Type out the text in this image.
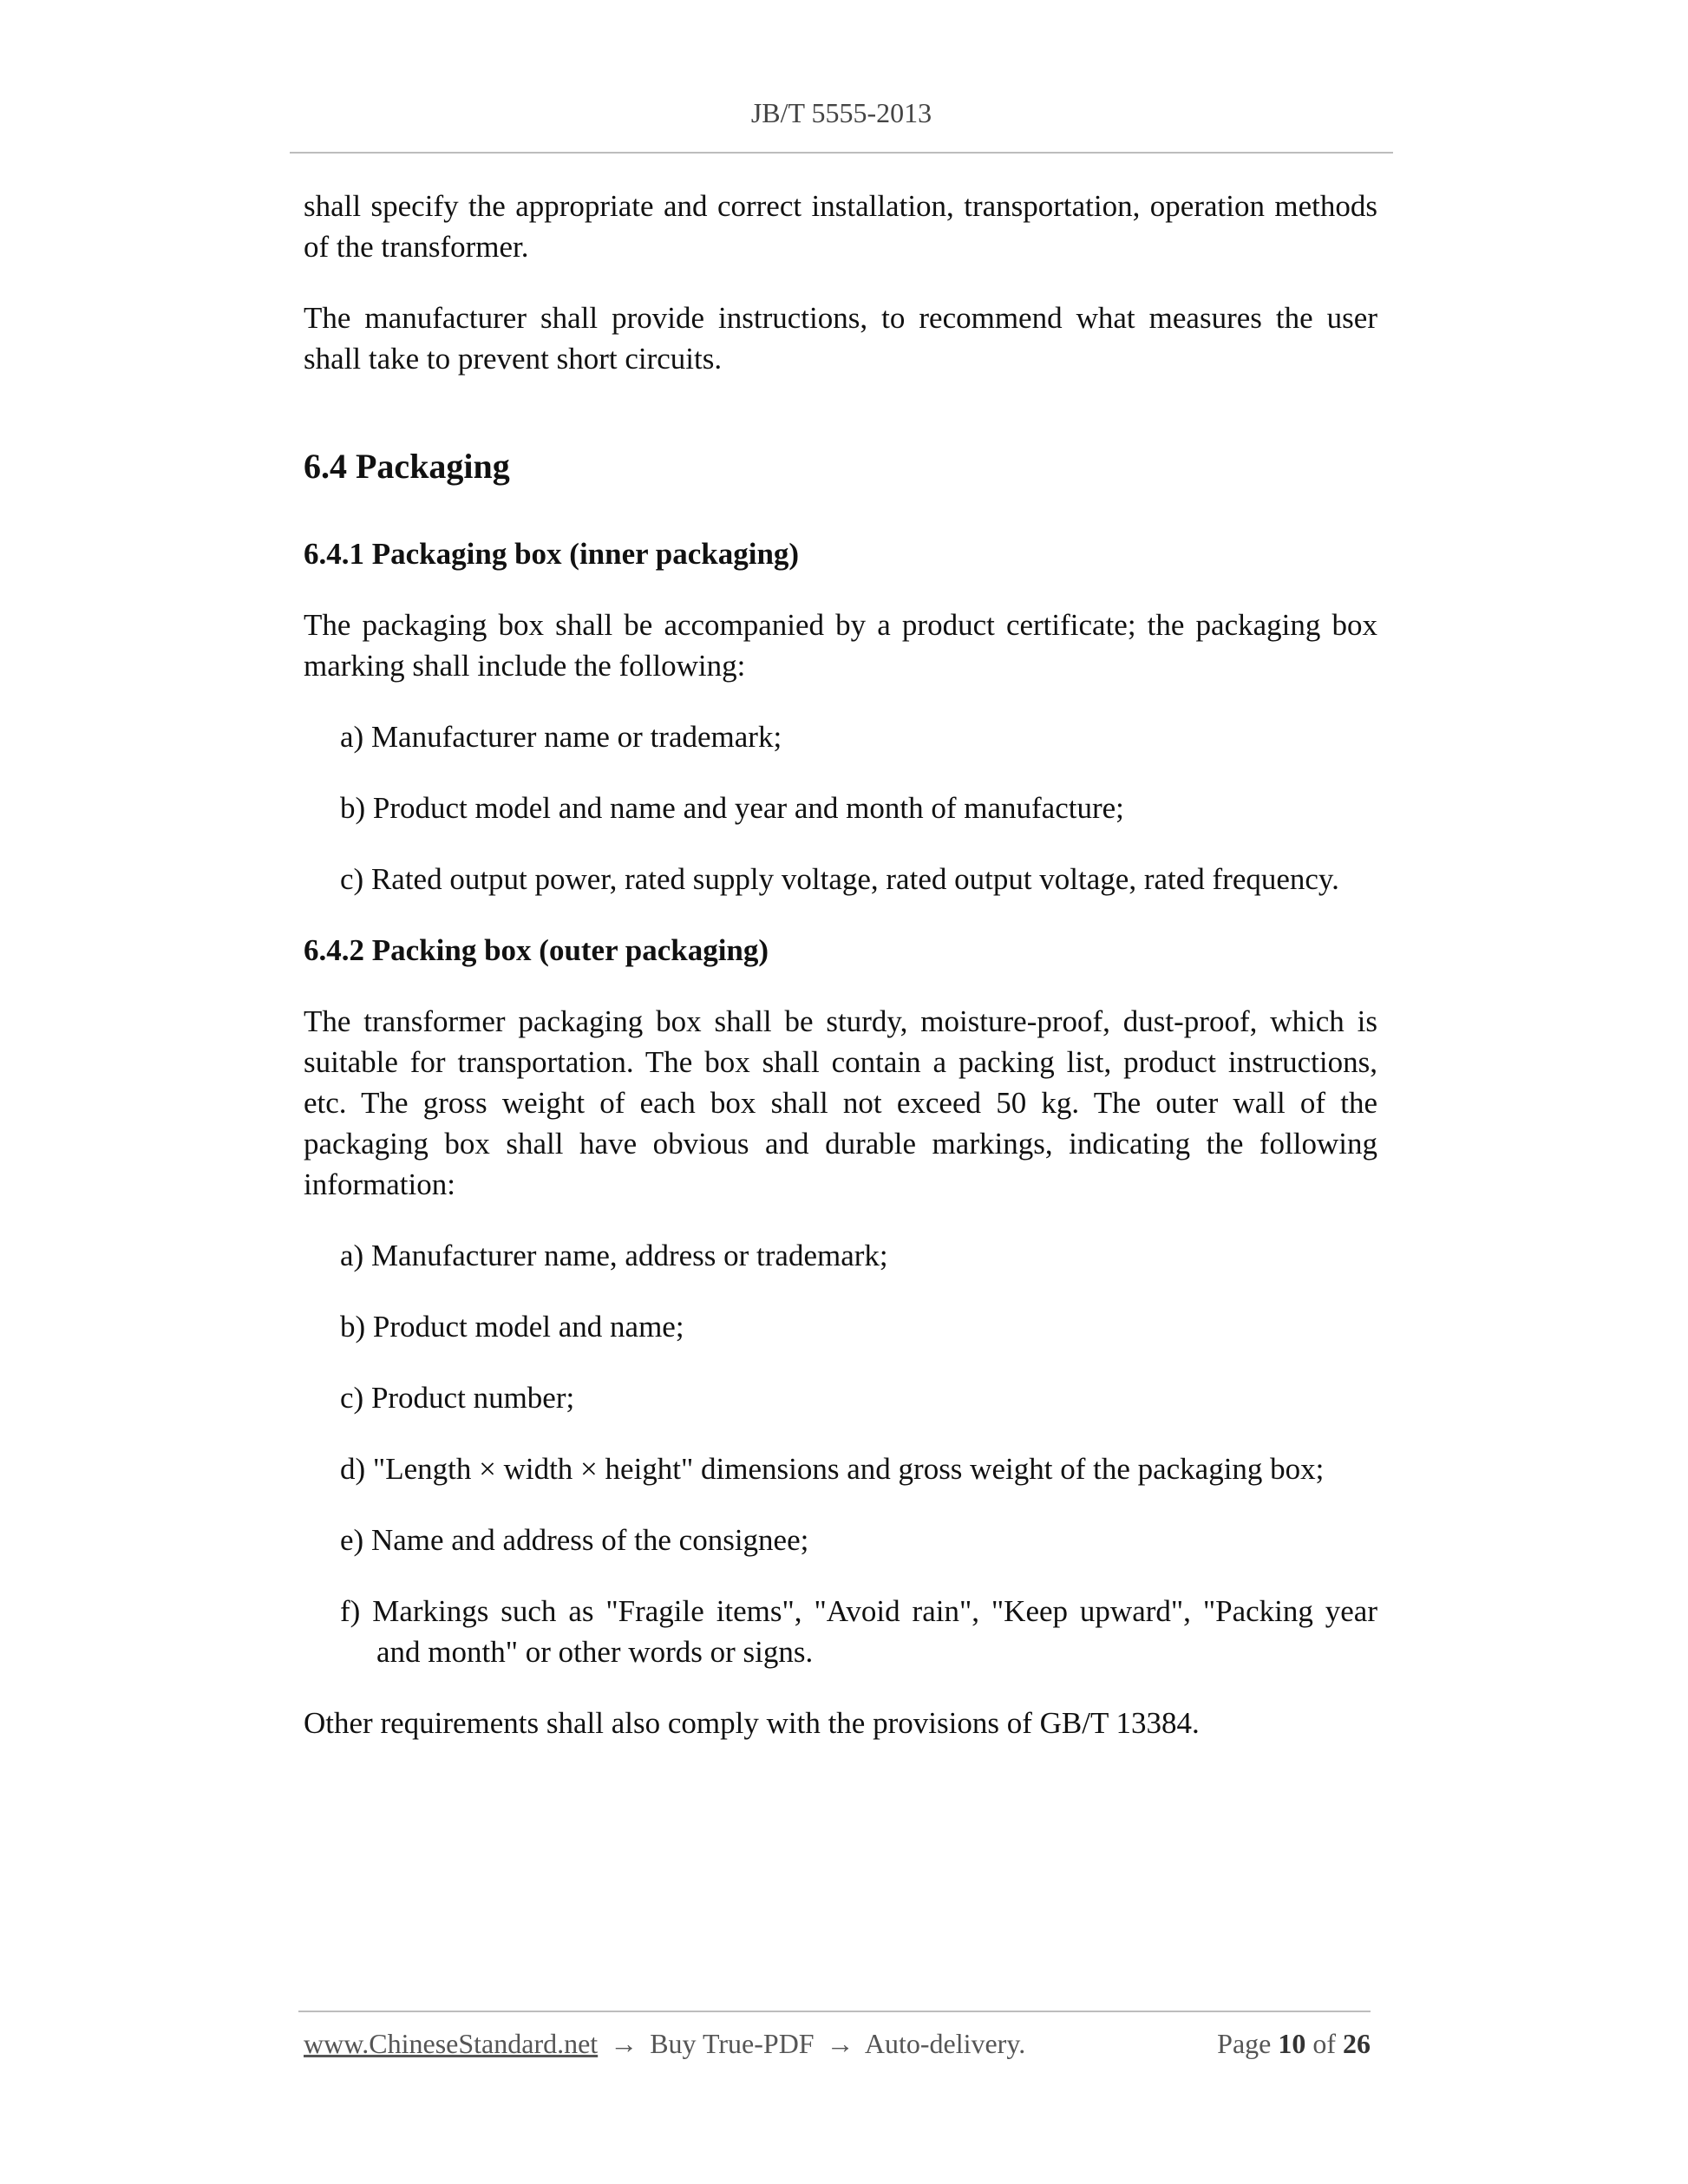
JB/T 5555-2013

shall specify the appropriate and correct installation, transportation, operation methods of the transformer.

The manufacturer shall provide instructions, to recommend what measures the user shall take to prevent short circuits.

6.4 Packaging

6.4.1 Packaging box (inner packaging)

The packaging box shall be accompanied by a product certificate; the packaging box marking shall include the following:

a) Manufacturer name or trademark;

b) Product model and name and year and month of manufacture;

c) Rated output power, rated supply voltage, rated output voltage, rated frequency.

6.4.2 Packing box (outer packaging)

The transformer packaging box shall be sturdy, moisture-proof, dust-proof, which is suitable for transportation. The box shall contain a packing list, product instructions, etc. The gross weight of each box shall not exceed 50 kg. The outer wall of the packaging box shall have obvious and durable markings, indicating the following information:

a) Manufacturer name, address or trademark;

b) Product model and name;

c) Product number;

d) "Length × width × height" dimensions and gross weight of the packaging box;

e) Name and address of the consignee;

f) Markings such as "Fragile items", "Avoid rain", "Keep upward", "Packing year and month" or other words or signs.

Other requirements shall also comply with the provisions of GB/T 13384.

www.ChineseStandard.net → Buy True-PDF → Auto-delivery.	Page 10 of 26
